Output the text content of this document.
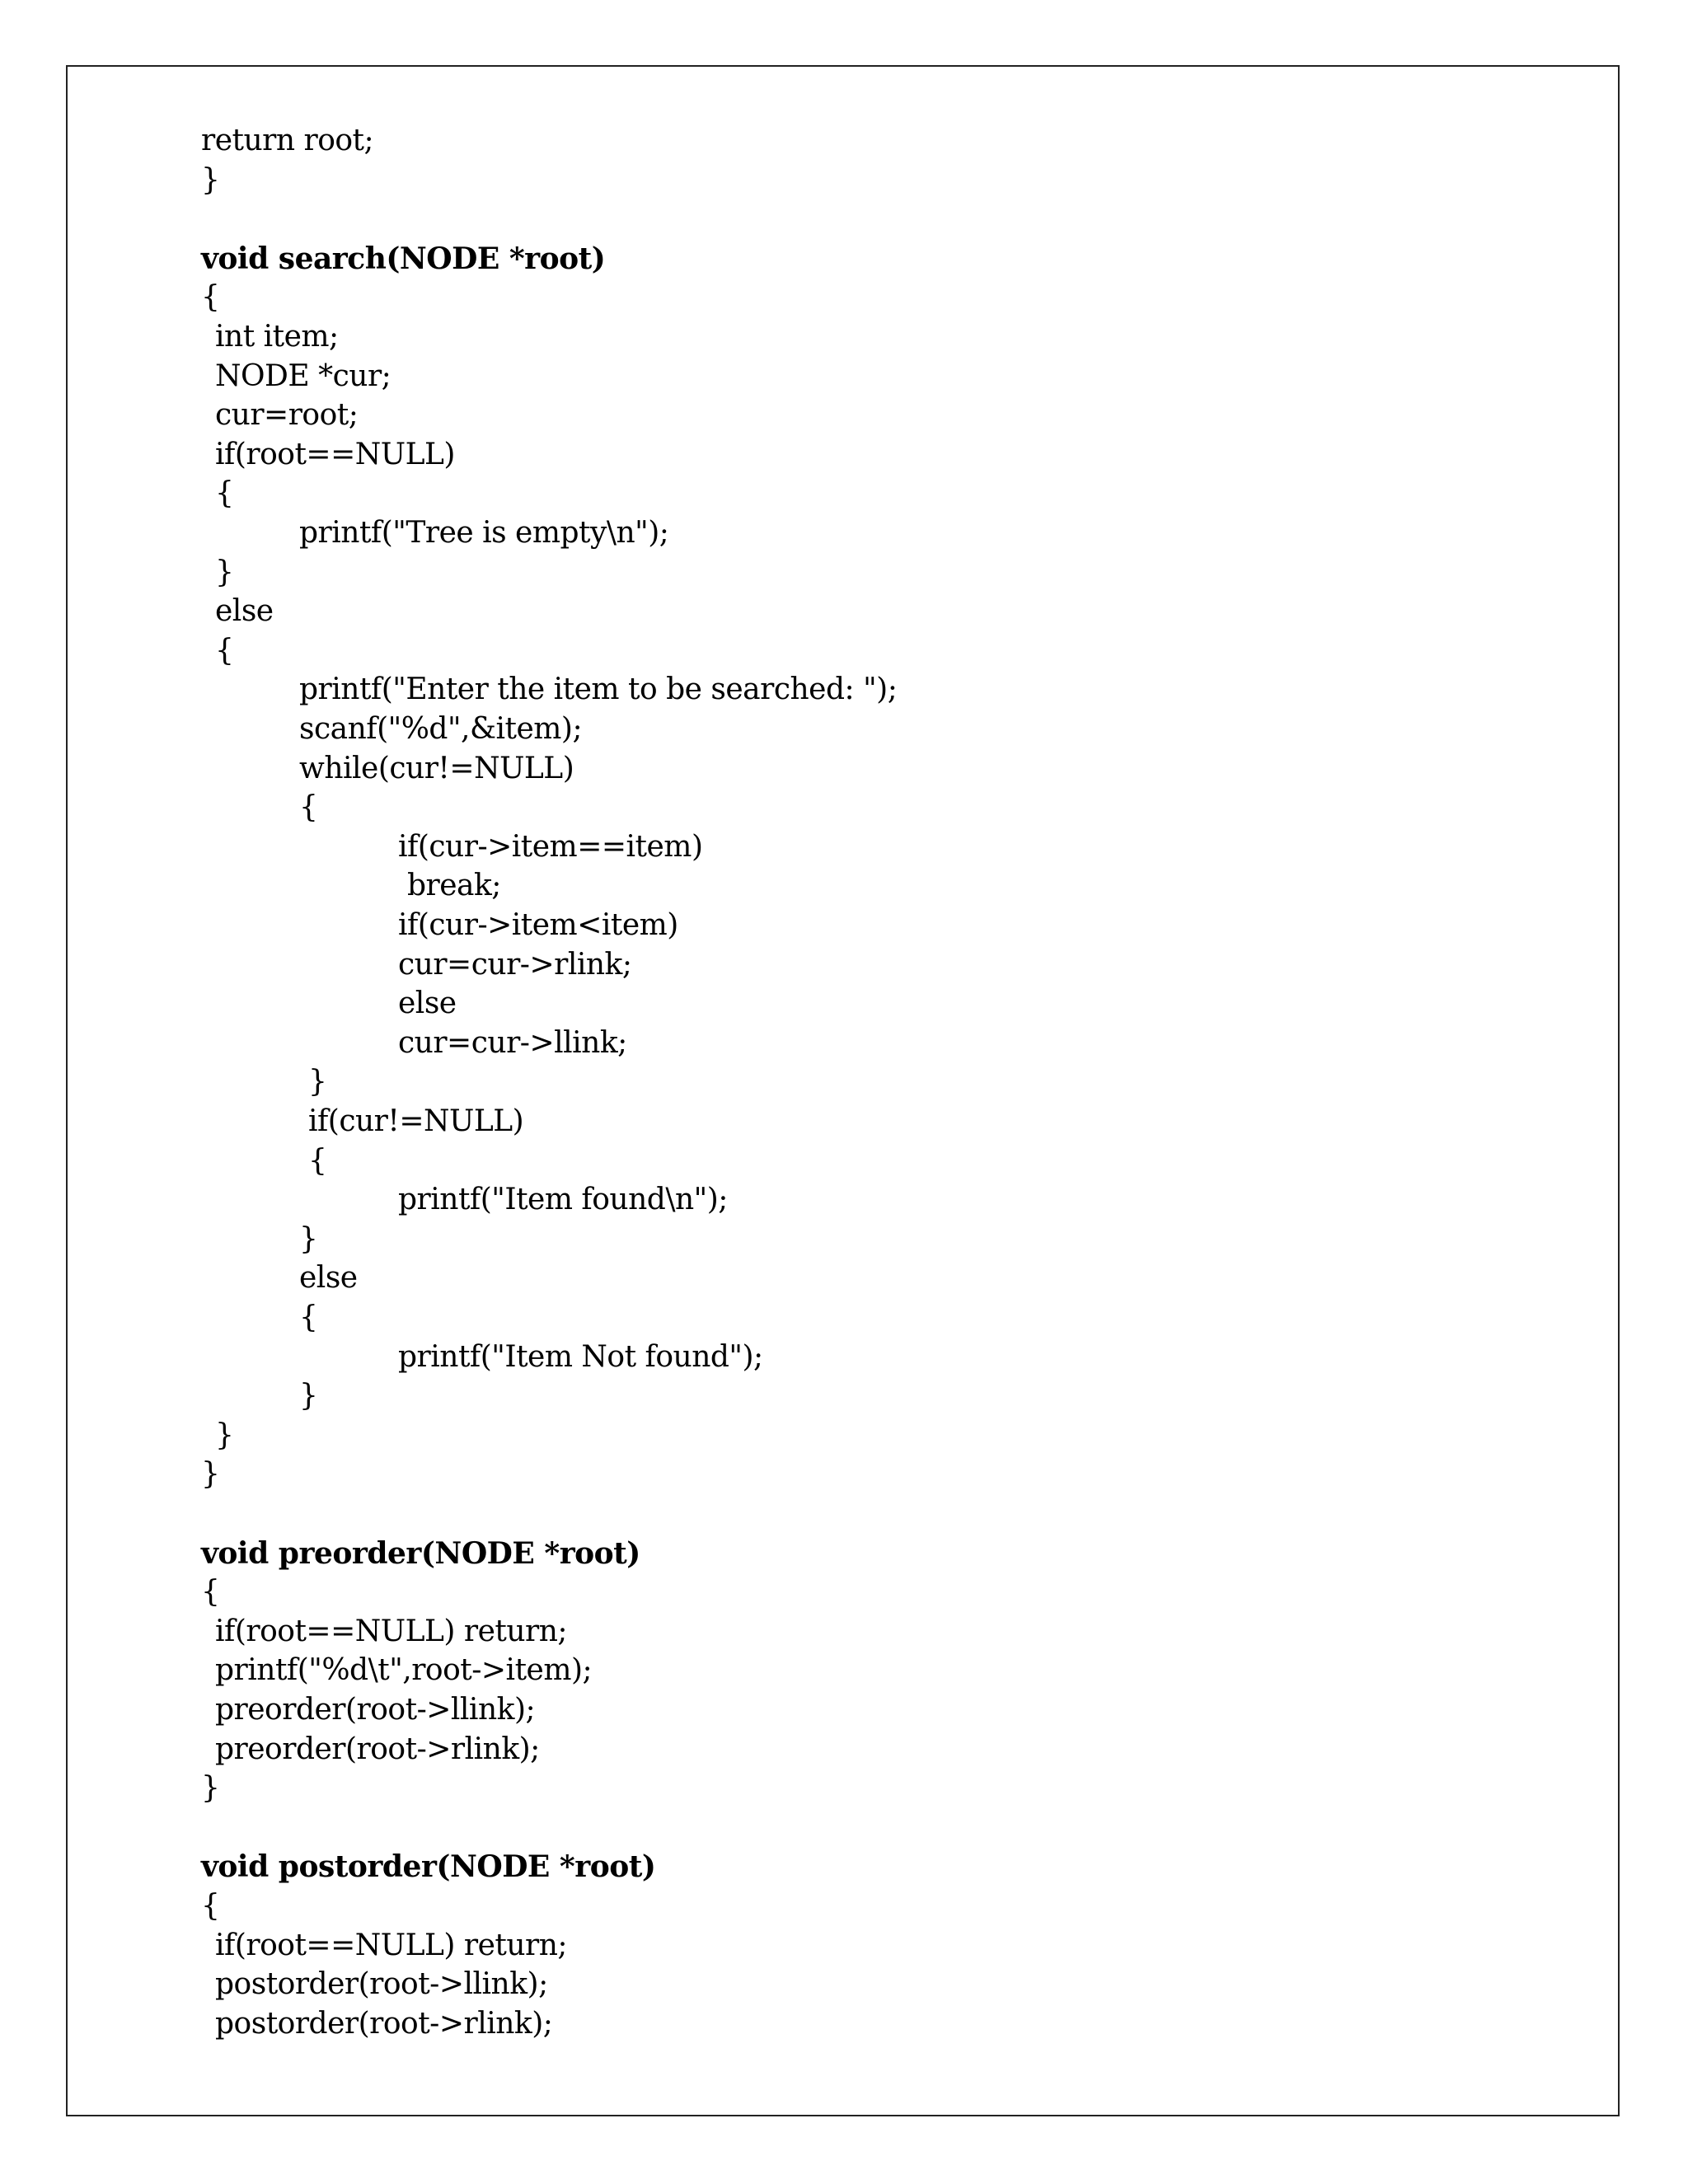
return root;
}
void search(NODE *root)
{
int item;
NODE *cur;
cur=root;
if(root==NULL)
{
printf("Tree is empty\n");
}
else
{
printf("Enter the item to be searched: ");
scanf("%d",&item);
while(cur!=NULL)
{
if(cur->item==item)
break;
if(cur->item<item)
cur=cur->rlink;
else
cur=cur->llink;
}
if(cur!=NULL)
{
printf("Item found\n");
}
else
{
printf("Item Not found");
}
}
}
void preorder(NODE *root)
{
if(root==NULL) return;
printf("%d\t",root->item);
preorder(root->llink);
preorder(root->rlink);
}
void postorder(NODE *root)
{
if(root==NULL) return;
postorder(root->llink);
postorder(root->rlink);
